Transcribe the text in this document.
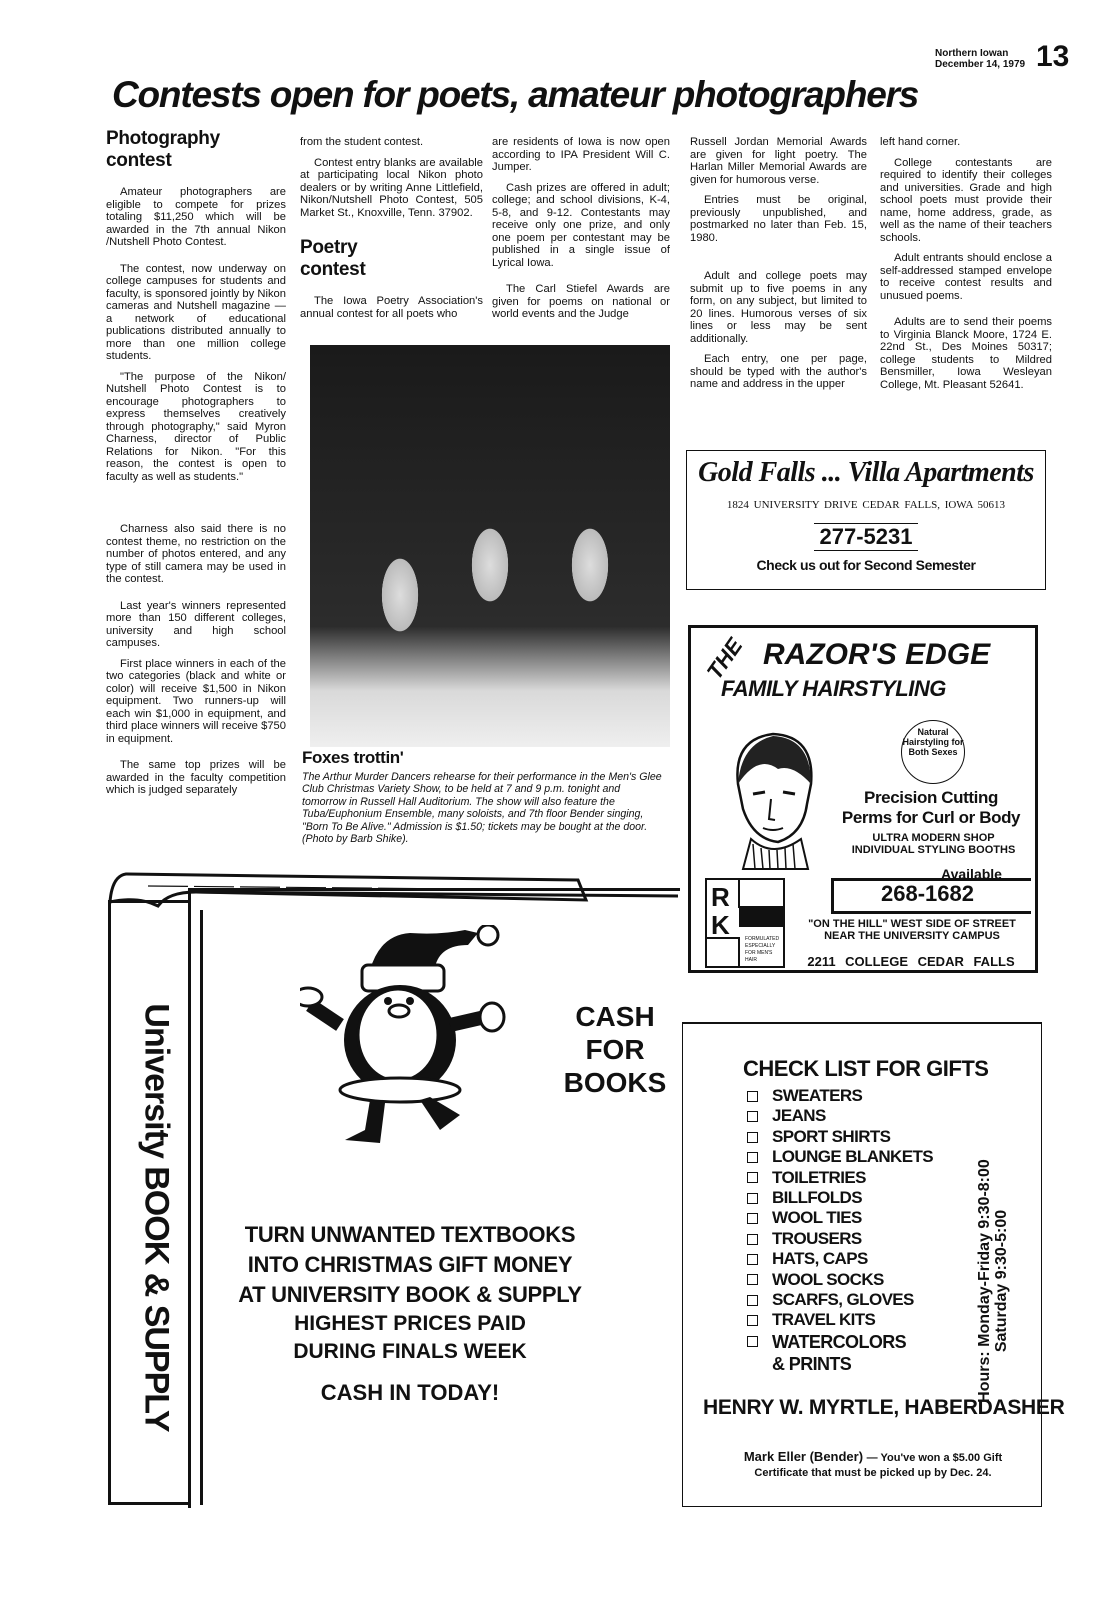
Northern Iowan
December 14, 1979 13
Contests open for poets, amateur photographers
Photography contest

Amateur photographers are eligible to compete for prizes totaling $11,250 which will be awarded in the 7th annual Nikon /Nutshell Photo Contest.

The contest, now underway on college campuses for students and faculty, is sponsored jointly by Nikon cameras and Nutshell magazine — a network of educational publications distributed annually to more than one million college students.

"The purpose of the Nikon/ Nutshell Photo Contest is to encourage photographers to express themselves creatively through photography," said Myron Charness, director of Public Relations for Nikon. "For this reason, the contest is open to faculty as well as students."

Charness also said there is no contest theme, no restriction on the number of photos entered, and any type of still camera may be used in the contest.

Last year's winners represented more than 150 different colleges, university and high school campuses.

First place winners in each of the two categories (black and white or color) will receive $1,500 in Nikon equipment. Two runners-up will each win $1,000 in equipment, and third place winners will receive $750 in equipment.

The same top prizes will be awarded in the faculty competition which is judged separately

from the student contest.

Contest entry blanks are available at participating local Nikon photo dealers or by writing Anne Littlefield, Nikon/Nutshell Photo Contest, 505 Market St., Knoxville, Tenn. 37902.

Poetry contest

The Iowa Poetry Association's annual contest for all poets who

are residents of Iowa is now open according to IPA President Will C. Jumper.

Cash prizes are offered in adult; college; and school divisions, K-4, 5-8, and 9-12. Contestants may receive only one prize, and only one poem per contestant may be published in a single issue of Lyrical Iowa.

The Carl Stiefel Awards are given for poems on national or world events and the Judge

Russell Jordan Memorial Awards are given for light poetry. The Harlan Miller Memorial Awards are given for humorous verse.

Entries must be original, previously unpublished, and postmarked no later than Feb. 15, 1980.

Adult and college poets may submit up to five poems in any form, on any subject, but limited to 20 lines. Humorous verses of six lines or less may be sent additionally.

Each entry, one per page, should be typed with the author's name and address in the upper

left hand corner.

College contestants are required to identify their colleges and universities. Grade and high school poets must provide their name, home address, grade, as well as the name of their teachers schools.

Adult entrants should enclose a self-addressed stamped envelope to receive contest results and unusued poems.

Adults are to send their poems to Virginia Blanck Moore, 1724 E. 22nd St., Des Moines 50317; college students to Mildred Bensmiller, Iowa Wesleyan College, Mt. Pleasant 52641.

Foxes trottin'
The Arthur Murder Dancers rehearse for their performance in the Men's Glee Club Christmas Variety Show, to be held at 7 and 9 p.m. tonight and tomorrow in Russell Hall Auditorium. The show will also feature the Tuba/Euphonium Ensemble, many soloists, and 7th floor Bender singing, "Born To Be Alive." Admission is $1.50; tickets may be bought at the door. (Photo by Barb Shike).
Gold Falls ... Villa Apartments
1824 UNIVERSITY DRIVE CEDAR FALLS, IOWA 50613
277-5231
Check us out for Second Semester
THE RAZOR'S EDGE
FAMILY HAIRSTYLING
Natural Hairstyling for Both Sexes
Precision Cutting
Perms for Curl or Body
ULTRA MODERN SHOP
INDIVIDUAL STYLING BOOTHS
Available
268-1682
R
K	FORMULATED
ESPECIALLY
FOR MEN'S
HAIR
"ON THE HILL" WEST SIDE OF STREET
NEAR THE UNIVERSITY CAMPUS
2211 COLLEGE CEDAR FALLS
University BOOK & SUPPLY	CASH
FOR
BOOKS
TURN UNWANTED TEXTBOOKS
INTO CHRISTMAS GIFT MONEY
AT UNIVERSITY BOOK & SUPPLY
HIGHEST PRICES PAID
DURING FINALS WEEK
CASH IN TODAY!
CHECK LIST FOR GIFTS
SWEATERS
JEANS
SPORT SHIRTS
LOUNGE BLANKETS
TOILETRIES
BILLFOLDS
WOOL TIES
TROUSERS
HATS, CAPS
WOOL SOCKS
SCARFS, GLOVES
TRAVEL KITS
WATERCOLORS & PRINTS	Hours: Monday-Friday 9:30-8:00 Saturday 9:30-5:00
HENRY W. MYRTLE, HABERDASHER
Mark Eller (Bender) — You've won a $5.00 Gift Certificate that must be picked up by Dec. 24.
